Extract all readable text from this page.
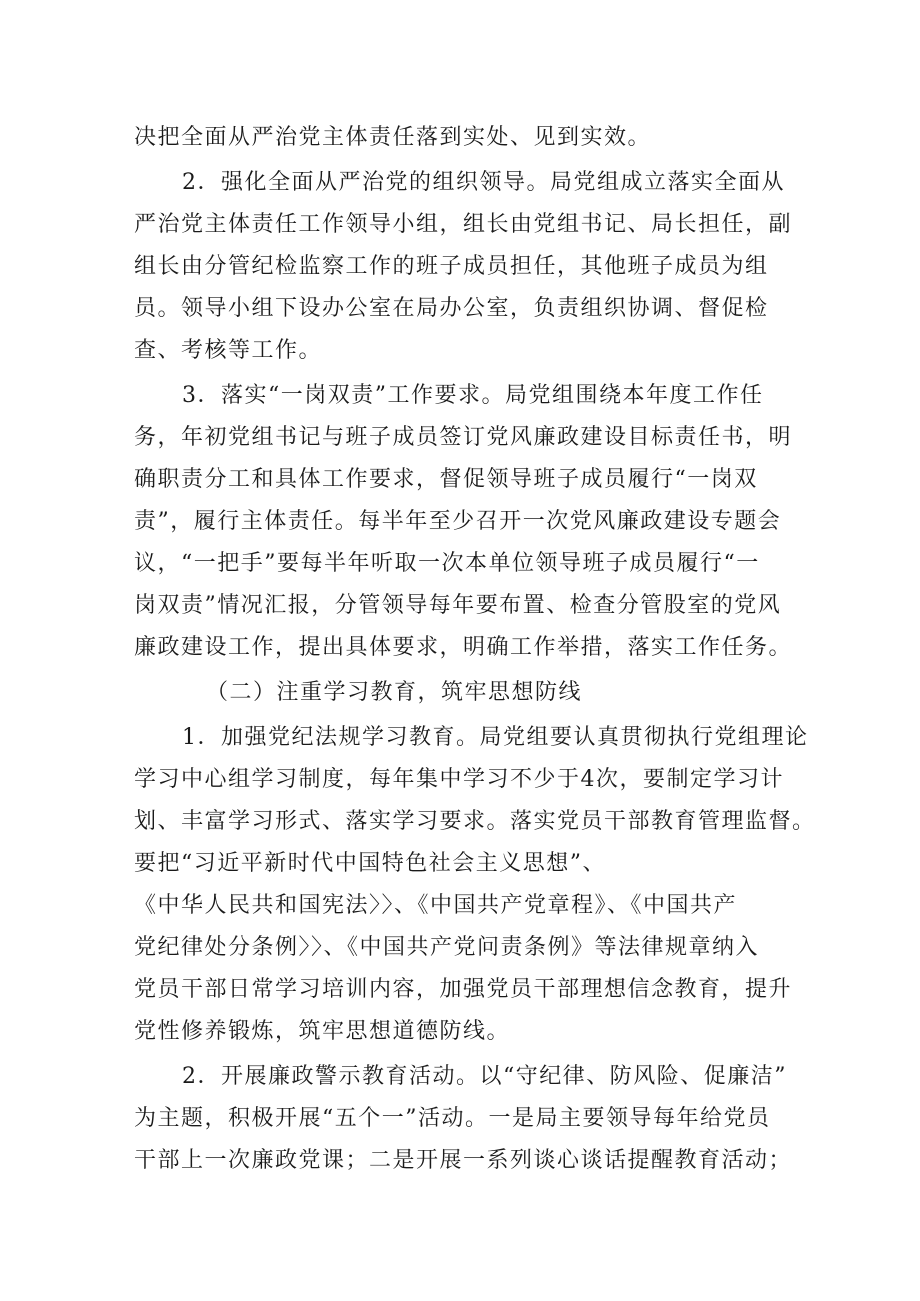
决把全面从严治党主体责任落到实处、见到实效。
2．强化全面从严治党的组织领导。局党组成立落实全面从
严治党主体责任工作领导小组，组长由党组书记、局长担任，副
组长由分管纪检监察工作的班子成员担任，其他班子成员为组
员。领导小组下设办公室在局办公室，负责组织协调、督促检
查、考核等工作。
3．落实“一岗双责”工作要求。局党组围绕本年度工作任
务，年初党组书记与班子成员签订党风廉政建设目标责任书，明
确职责分工和具体工作要求，督促领导班子成员履行“一岗双
责”，履行主体责任。每半年至少召开一次党风廉政建设专题会
议，“一把手”要每半年听取一次本单位领导班子成员履行“一
岗双责”情况汇报，分管领导每年要布置、检查分管股室的党风
廉政建设工作，提出具体要求，明确工作举措，落实工作任务。
（二）注重学习教育，筑牢思想防线
1．加强党纪法规学习教育。局党组要认真贯彻执行党组理论
学习中心组学习制度，每年集中学习不少于4次，要制定学习计
划、丰富学习形式、落实学习要求。落实党员干部教育管理监督。
要把“习近平新时代中国特色社会主义思想”、
《中华人民共和国宪法〉〉、《中国共产党章程》、《中国共产
党纪律处分条例〉〉、《中国共产党问责条例》等法律规章纳入
党员干部日常学习培训内容，加强党员干部理想信念教育，提升
党性修养锻炼，筑牢思想道德防线。
2．开展廉政警示教育活动。以“守纪律、防风险、促廉洁”
为主题，积极开展“五个一”活动。一是局主要领导每年给党员
干部上一次廉政党课；二是开展一系列谈心谈话提醒教育活动；
